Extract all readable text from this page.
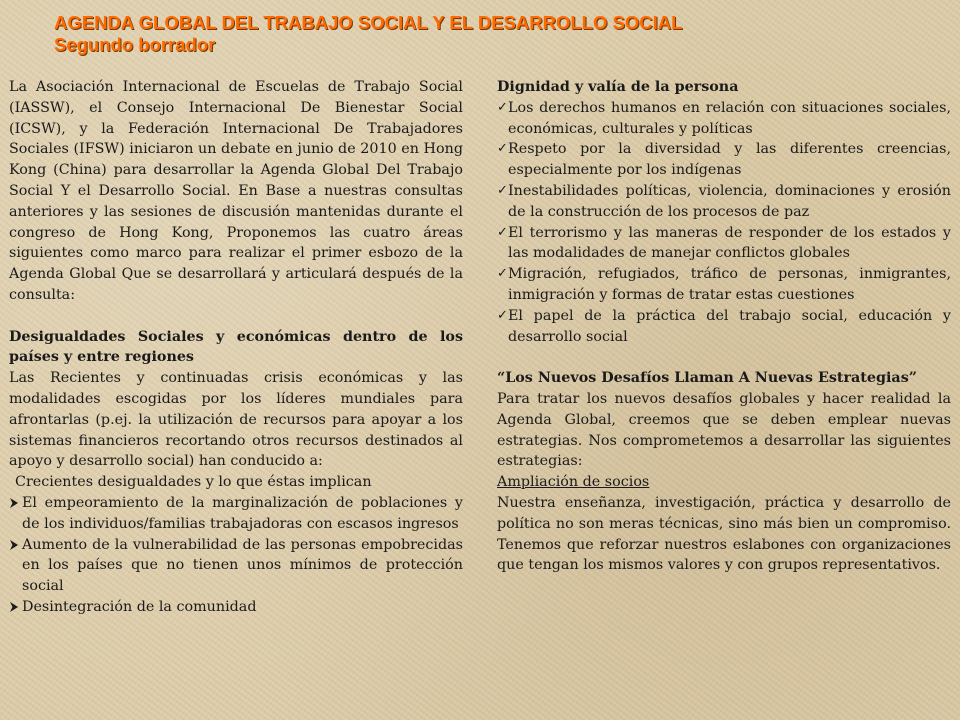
AGENDA GLOBAL DEL TRABAJO SOCIAL Y EL DESARROLLO SOCIAL
Segundo borrador

La Asociación Internacional de Escuelas de Trabajo Social (IASSW), el Consejo Internacional De Bienestar Social (ICSW), y la Federación Internacional De Trabajadores Sociales (IFSW) iniciaron un debate en junio de 2010 en Hong Kong (China) para desarrollar la Agenda Global Del Trabajo Social Y el Desarrollo Social. En Base a nuestras consultas anteriores y las sesiones de discusión mantenidas durante el congreso de Hong Kong, Proponemos las cuatro áreas siguientes como marco para realizar el primer esbozo de la Agenda Global Que se desarrollará y articulará después de la consulta:

Desigualdades Sociales y económicas dentro de los países y entre regiones

Las Recientes y continuadas crisis económicas y las modalidades escogidas por los líderes mundiales para afrontarlas (p.ej. la utilización de recursos para apoyar a los sistemas financieros recortando otros recursos destinados al apoyo y desarrollo social) han conducido a:

Crecientes desigualdades y lo que éstas implican

El empeoramiento de la marginalización de poblaciones y de los individuos/familias trabajadoras con escasos ingresos
Aumento de la vulnerabilidad de las personas empobrecidas en los países que no tienen unos mínimos de protección social
Desintegración de la comunidad

Dignidad y valía de la persona

✓ Los derechos humanos en relación con situaciones sociales, económicas, culturales y políticas
✓ Respeto por la diversidad y las diferentes creencias, especialmente por los indígenas
✓ Inestabilidades políticas, violencia, dominaciones y erosión de la construcción de los procesos de paz
✓ El terrorismo y las maneras de responder de los estados y las modalidades de manejar conflictos globales
✓ Migración, refugiados, tráfico de personas, inmigrantes, inmigración y formas de tratar estas cuestiones
✓ El papel de la práctica del trabajo social, educación y desarrollo social

“Los Nuevos Desafíos Llaman A Nuevas Estrategias”

Para tratar los nuevos desafíos globales y hacer realidad la Agenda Global, creemos que se deben emplear nuevas estrategias. Nos comprometemos a desarrollar las siguientes estrategias:

Ampliación de socios

Nuestra enseñanza, investigación, práctica y desarrollo de política no son meras técnicas, sino más bien un compromiso. Tenemos que reforzar nuestros eslabones con organizaciones que tengan los mismos valores y con grupos representativos.
